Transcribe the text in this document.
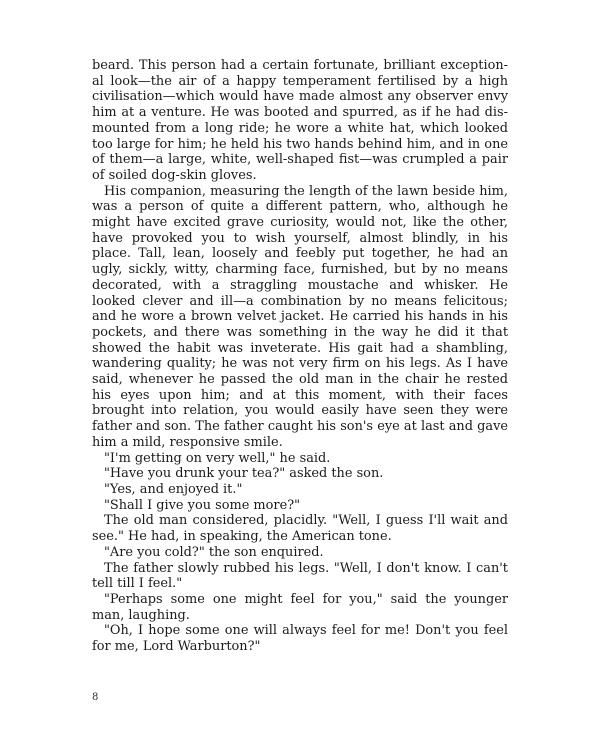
beard. This person had a certain fortunate, brilliant exceptional look—the air of a happy temperament fertilised by a high civilisation—which would have made almost any observer envy him at a venture. He was booted and spurred, as if he had dismounted from a long ride; he wore a white hat, which looked too large for him; he held his two hands behind him, and in one of them—a large, white, well-shaped fist—was crumpled a pair of soiled dog-skin gloves.

His companion, measuring the length of the lawn beside him, was a person of quite a different pattern, who, although he might have excited grave curiosity, would not, like the other, have provoked you to wish yourself, almost blindly, in his place. Tall, lean, loosely and feebly put together, he had an ugly, sickly, witty, charming face, furnished, but by no means decorated, with a straggling moustache and whisker. He looked clever and ill—a combination by no means felicitous; and he wore a brown velvet jacket. He carried his hands in his pockets, and there was something in the way he did it that showed the habit was inveterate. His gait had a shambling, wandering quality; he was not very firm on his legs. As I have said, whenever he passed the old man in the chair he rested his eyes upon him; and at this moment, with their faces brought into relation, you would easily have seen they were father and son. The father caught his son's eye at last and gave him a mild, responsive smile.

"I'm getting on very well," he said.

"Have you drunk your tea?" asked the son.

"Yes, and enjoyed it."

"Shall I give you some more?"

The old man considered, placidly. "Well, I guess I'll wait and see." He had, in speaking, the American tone.

"Are you cold?" the son enquired.

The father slowly rubbed his legs. "Well, I don't know. I can't tell till I feel."

"Perhaps some one might feel for you," said the younger man, laughing.

"Oh, I hope some one will always feel for me! Don't you feel for me, Lord Warburton?"

8
